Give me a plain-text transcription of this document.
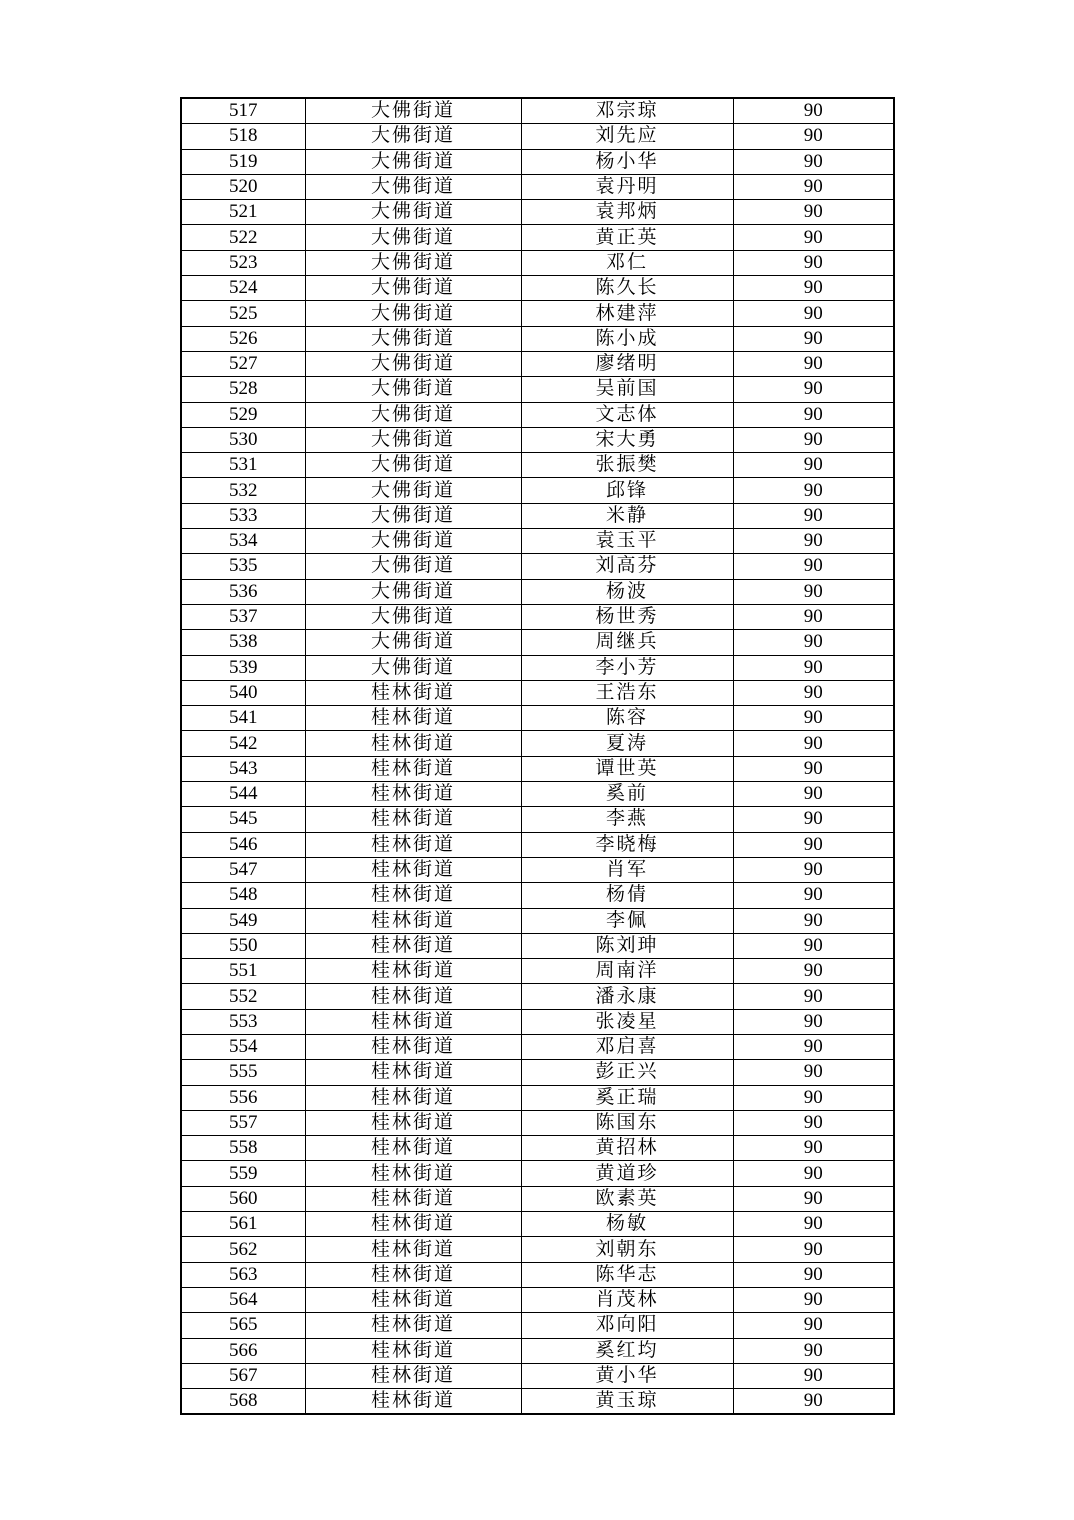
517	大佛街道	邓宗琼	90
518	大佛街道	刘先应	90
519	大佛街道	杨小华	90
520	大佛街道	袁丹明	90
521	大佛街道	袁邦炳	90
522	大佛街道	黄正英	90
523	大佛街道	邓仁	90
524	大佛街道	陈久长	90
525	大佛街道	林建萍	90
526	大佛街道	陈小成	90
527	大佛街道	廖绪明	90
528	大佛街道	吴前国	90
529	大佛街道	文志体	90
530	大佛街道	宋大勇	90
531	大佛街道	张振樊	90
532	大佛街道	邱锋	90
533	大佛街道	米静	90
534	大佛街道	袁玉平	90
535	大佛街道	刘高芬	90
536	大佛街道	杨波	90
537	大佛街道	杨世秀	90
538	大佛街道	周继兵	90
539	大佛街道	李小芳	90
540	桂林街道	王浩东	90
541	桂林街道	陈容	90
542	桂林街道	夏涛	90
543	桂林街道	谭世英	90
544	桂林街道	奚前	90
545	桂林街道	李燕	90
546	桂林街道	李晓梅	90
547	桂林街道	肖军	90
548	桂林街道	杨倩	90
549	桂林街道	李佩	90
550	桂林街道	陈刘珅	90
551	桂林街道	周南洋	90
552	桂林街道	潘永康	90
553	桂林街道	张凌星	90
554	桂林街道	邓启喜	90
555	桂林街道	彭正兴	90
556	桂林街道	奚正瑞	90
557	桂林街道	陈国东	90
558	桂林街道	黄招林	90
559	桂林街道	黄道珍	90
560	桂林街道	欧素英	90
561	桂林街道	杨敏	90
562	桂林街道	刘朝东	90
563	桂林街道	陈华志	90
564	桂林街道	肖茂林	90
565	桂林街道	邓向阳	90
566	桂林街道	奚红均	90
567	桂林街道	黄小华	90
568	桂林街道	黄玉琼	90
